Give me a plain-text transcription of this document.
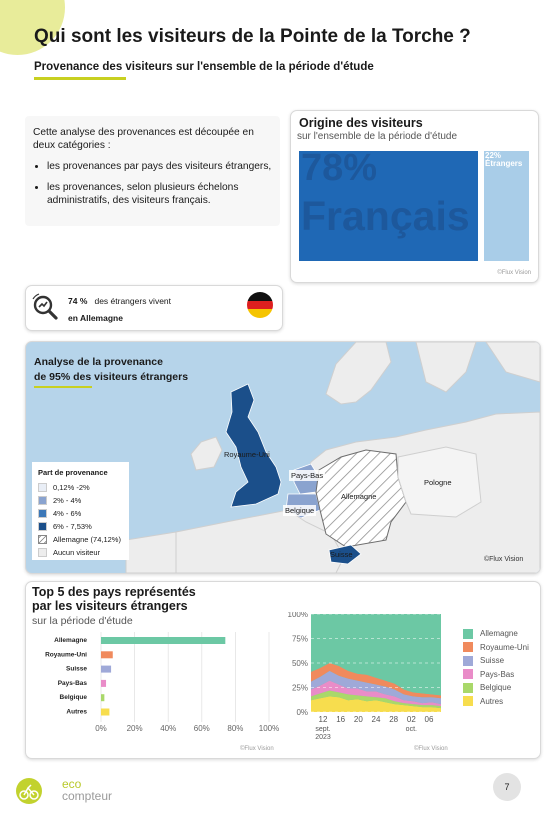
Qui sont les visiteurs de la Pointe de la Torche ?
Provenance des visiteurs sur l'ensemble de la période d'étude

Cette analyse des provenances est découpée en deux catégories :

• les provenances par pays des visiteurs étrangers,
• les provenances, selon plusieurs échelons administratifs, des visiteurs français.
Origine des visiteurs
sur l'ensemble de la période d'étude
78%
Français
22%
Étrangers
©Flux Vision
74 % des étrangers vivent
en Allemagne
Analyse de la provenance
de 95% des visiteurs étrangers
Royaume-Uni
Pays-Bas
Allemagne
Belgique
Pologne
Suisse
©Flux Vision
Part de provenance
0,12% -2%
2% - 4%
4% - 6%
6% - 7,53%
Allemagne (74,12%)
Aucun visiteur
Top 5 des pays représentés
par les visiteurs étrangers
sur la période d'étude
0% 20% 40% 60% 80% 100%
Allemagne
Royaume-Uni
Suisse
Pays-Bas
Belgique
Autres	0%
25%
50%
75%
100%
12
sept.
2023
16 20 24 28 02
oct.
06
Allemagne
Royaume-Uni
Suisse
Pays-Bas
Belgique
Autres
©Flux Vision	©Flux Vision
eco
compteur
7
